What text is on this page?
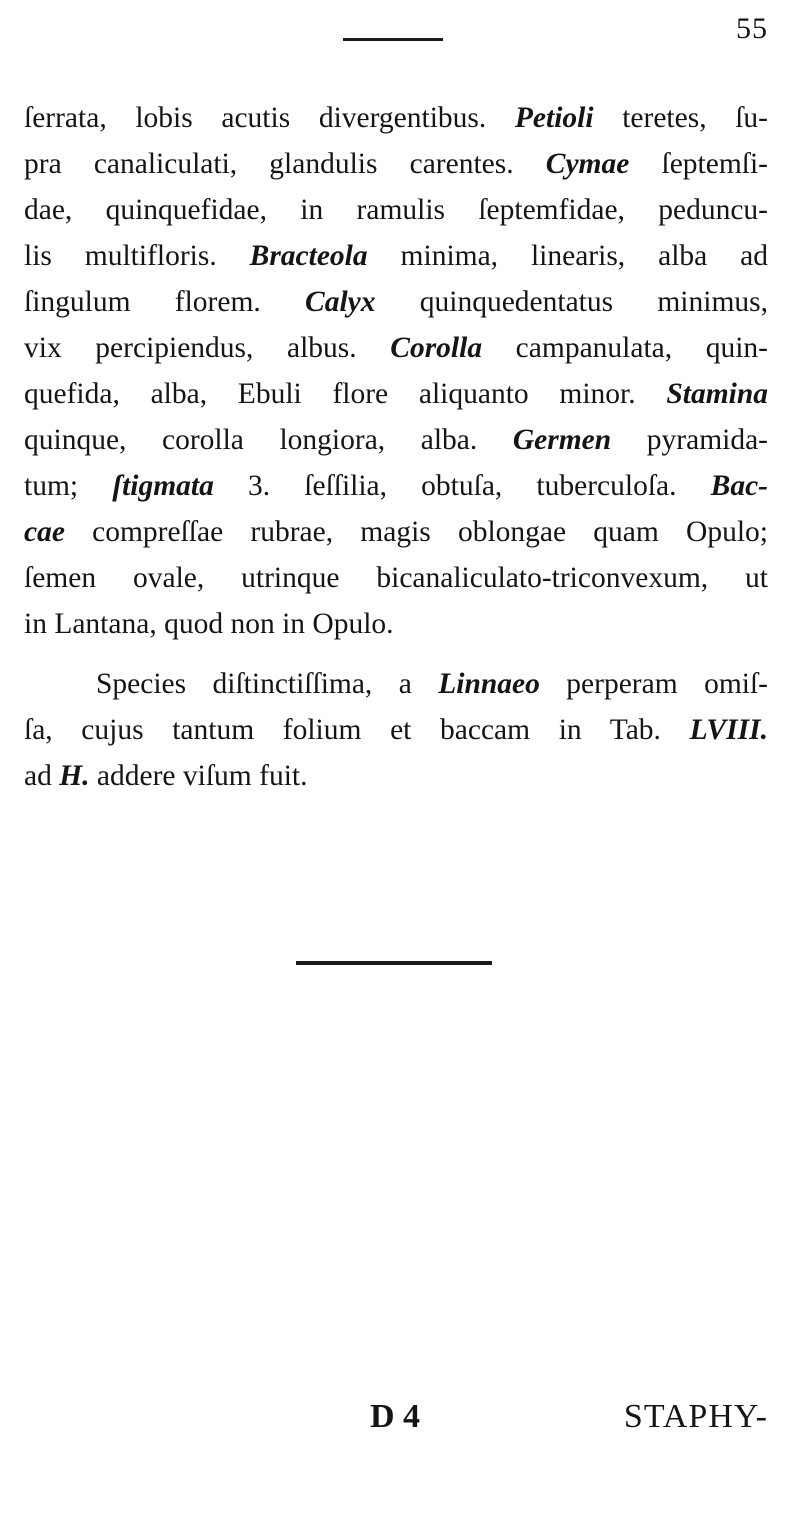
55
ſerrata, lobis acutis divergentibus. Petioli teretes, ſu-
pra canaliculati, glandulis carentes. Cymae ſeptemſi-
dae, quinquefidae, in ramulis ſeptemfidae, peduncu-
lis multifloris. Bracteola minima, linearis, alba ad
ſingulum florem. Calyx quinquedentatus minimus,
vix percipiendus, albus. Corolla campanulata, quin-
quefida, alba, Ebuli flore aliquanto minor. Stamina
quinque, corolla longiora, alba. Germen pyramida-
tum; ſtigmata 3. ſeſſilia, obtuſa, tuberculoſa. Bac-
cae compreſſae rubrae, magis oblongae quam Opulo;
ſemen ovale, utrinque bicanaliculato-triconvexum, ut
in Lantana, quod non in Opulo.
Species diſtinctiſſima, a Linnaeo perperam omiſ-
ſa, cujus tantum folium et baccam in Tab. LVIII.
ad H. addere viſum fuit.
D 4	STAPHY-
